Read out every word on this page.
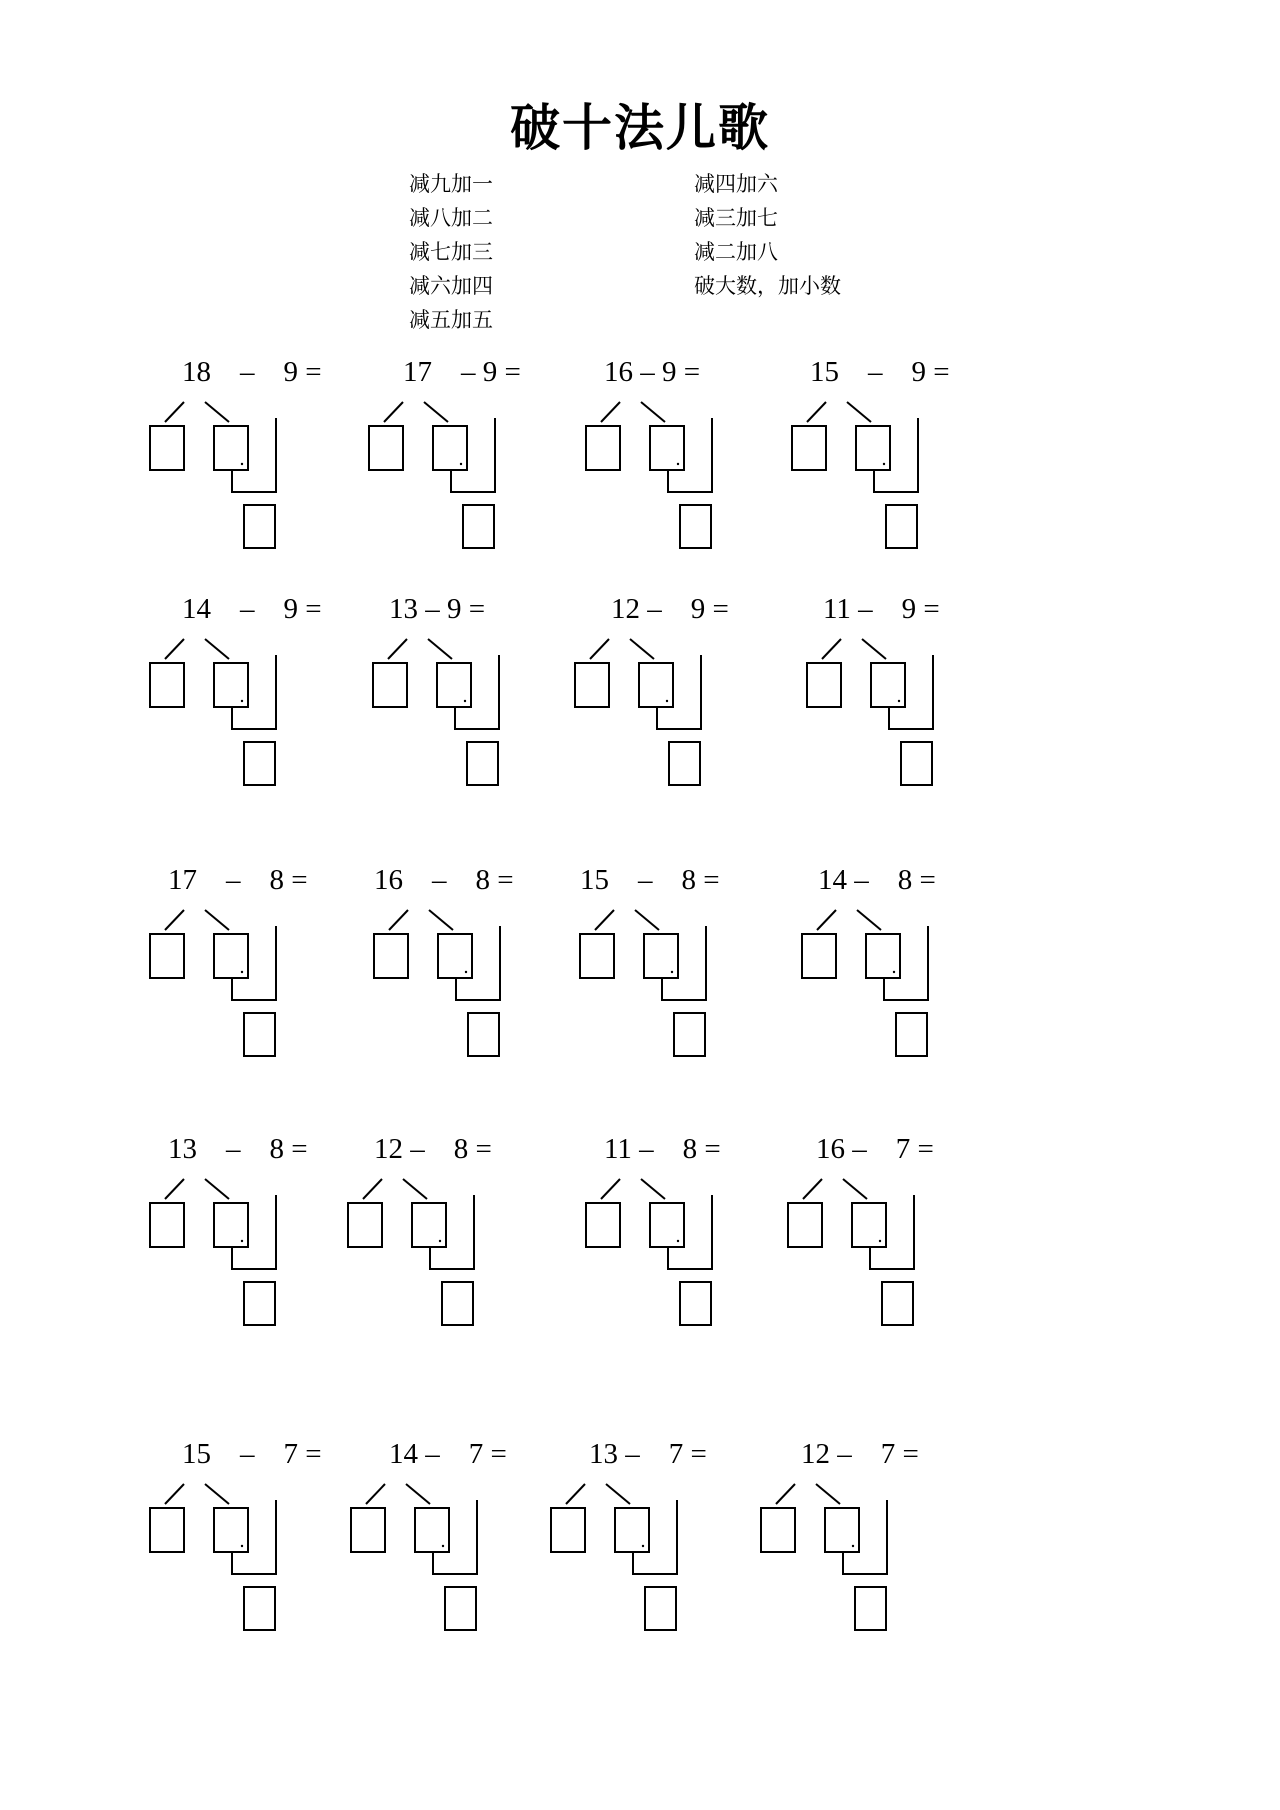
破十法儿歌
减九加一
减八加二
减七加三
减六加四
减五加五
减四加六
减三加七
减二加八
破大数，加小数
18    –    9 =	17    – 9 =	16 – 9 =	15    –    9 =
14    –    9 = 13 – 9 =	12 –    9 =	11 –    9 =
17    –    8 = 16    –    8 = 15    –    8 =	14 –    8 =
13    –    8 = 12 –    8 =	11 –    8 =	16 –    7 =
15    –    7 = 14 –    7 =	13 –    7 =	12 –    7 =
